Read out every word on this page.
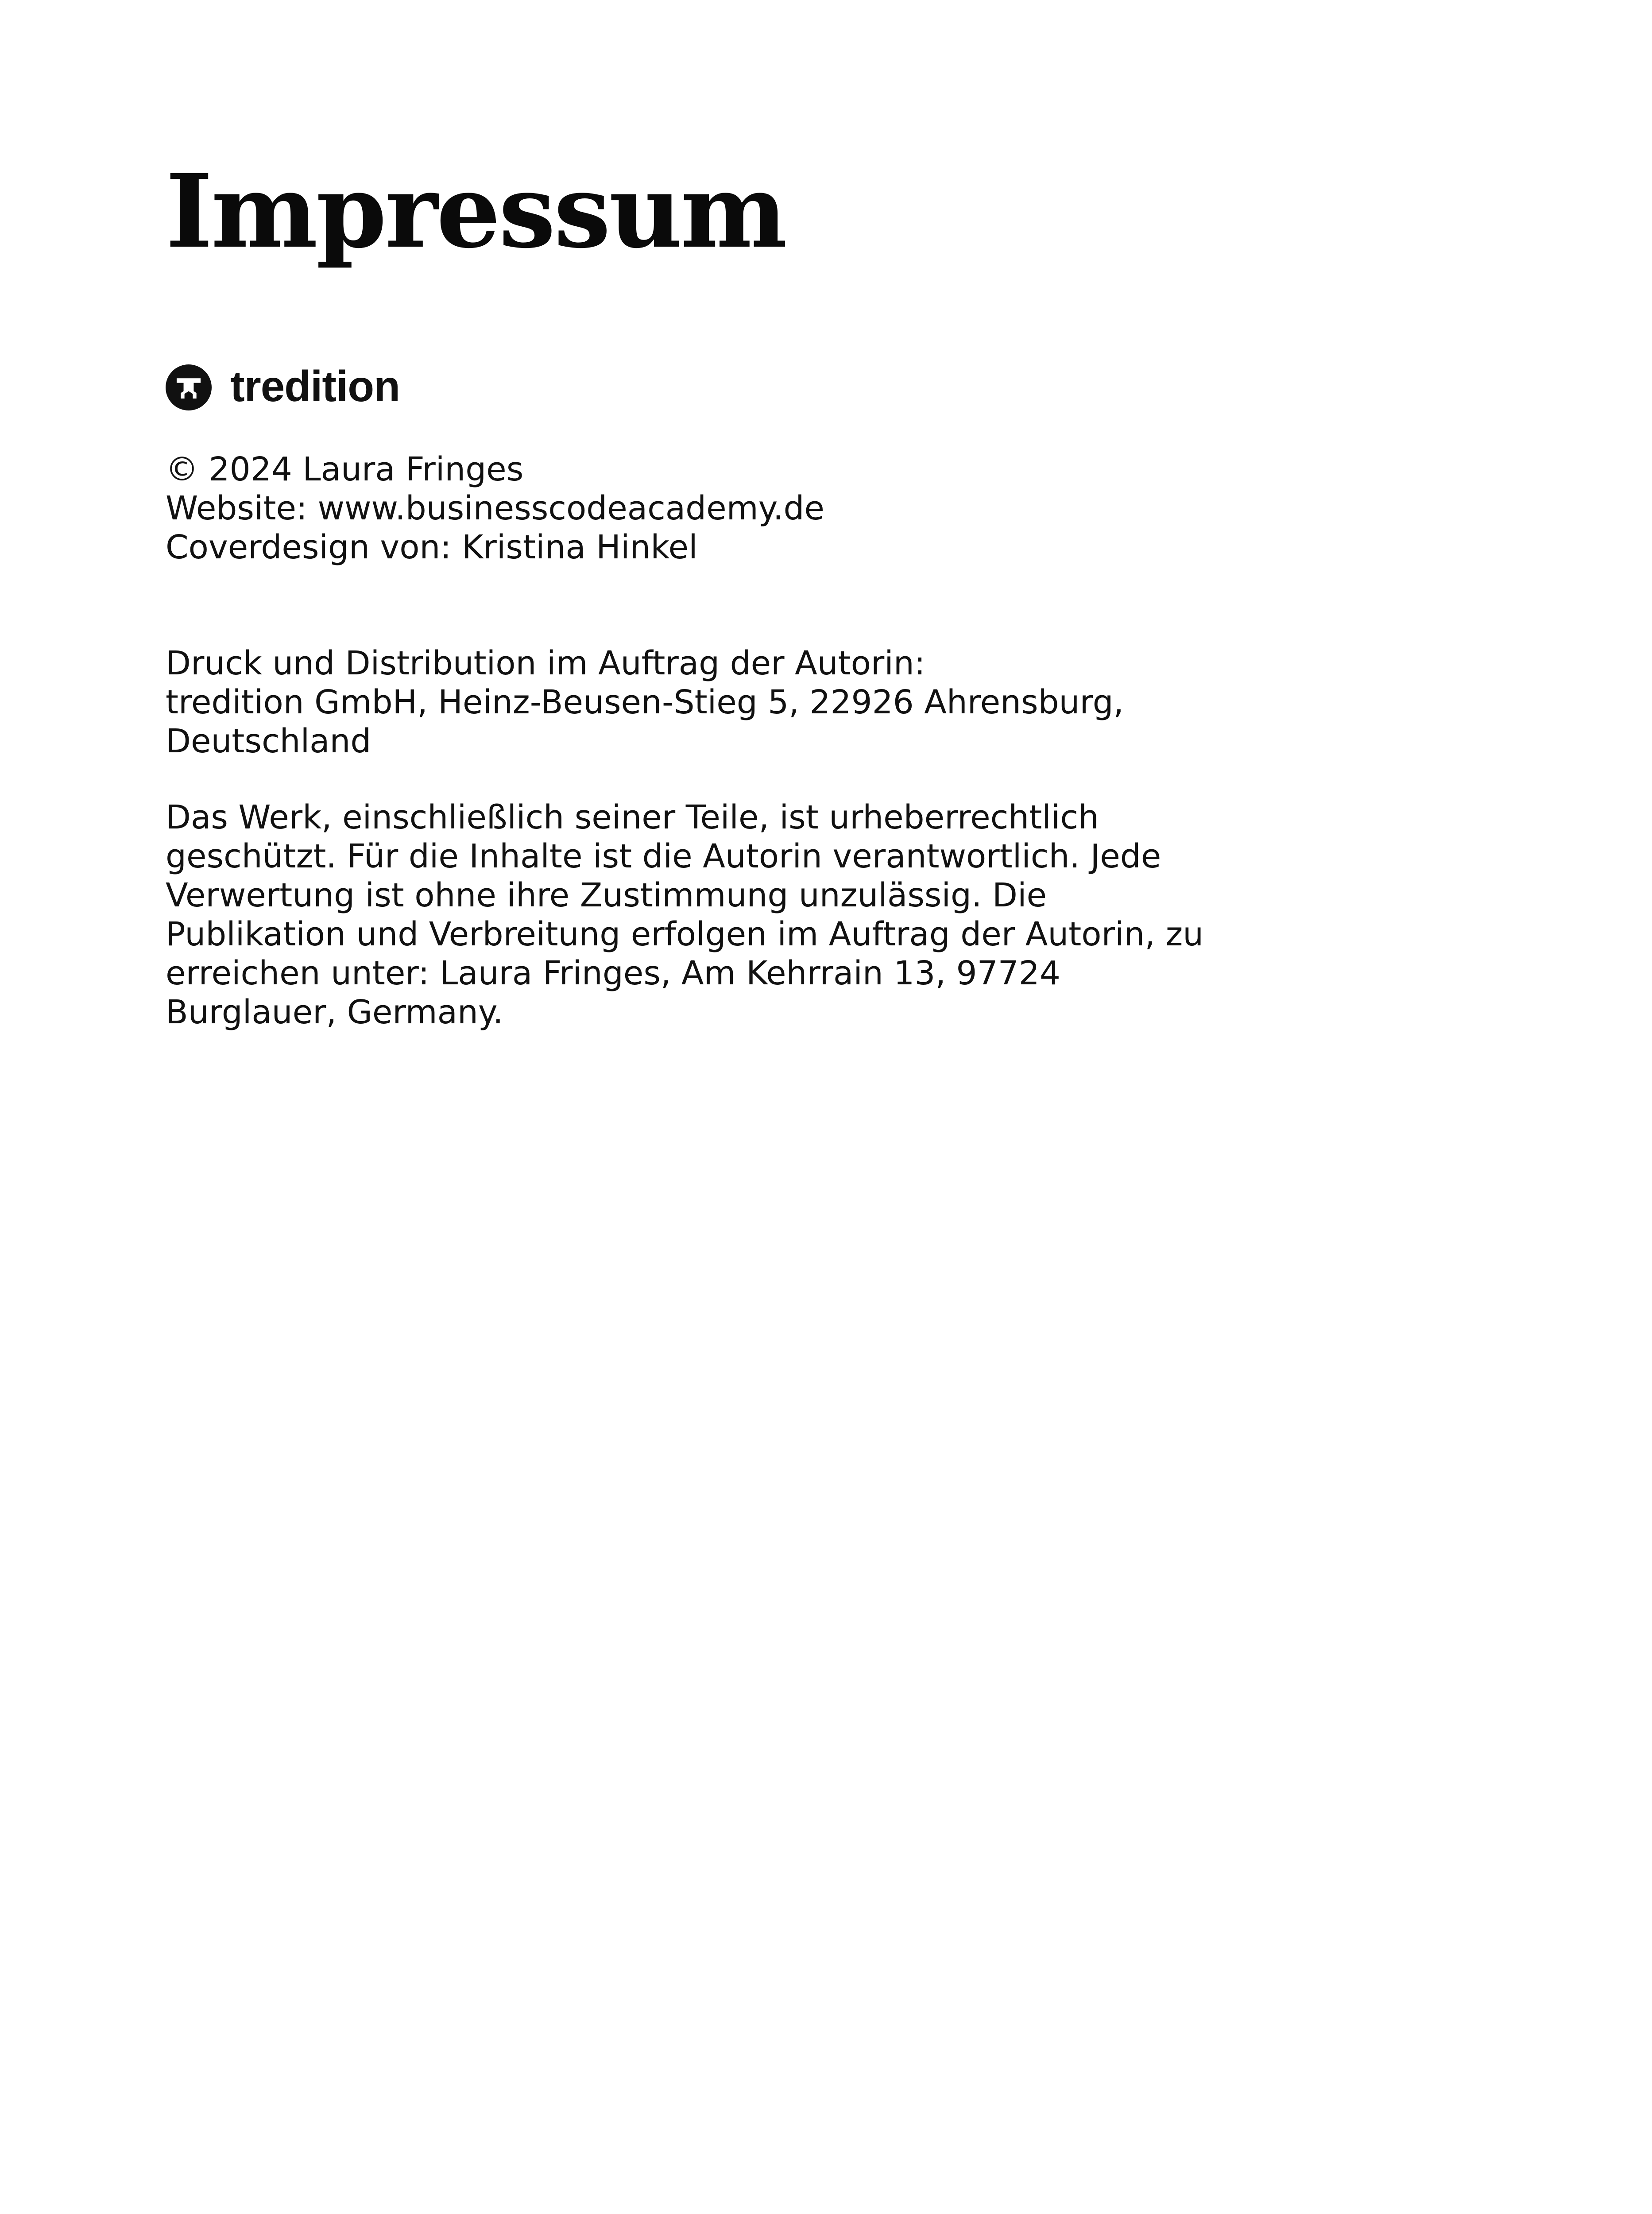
Impressum
tredition
© 2024 Laura Fringes
Website: www.businesscodeacademy.de
Coverdesign von: Kristina Hinkel
Druck und Distribution im Auftrag der Autorin:
tredition GmbH, Heinz-Beusen-Stieg 5, 22926 Ahrensburg,
Deutschland
Das Werk, einschließlich seiner Teile, ist urheberrechtlich
geschützt. Für die Inhalte ist die Autorin verantwortlich. Jede
Verwertung ist ohne ihre Zustimmung unzulässig. Die
Publikation und Verbreitung erfolgen im Auftrag der Autorin, zu
erreichen unter: Laura Fringes, Am Kehrrain 13, 97724
Burglauer, Germany.
